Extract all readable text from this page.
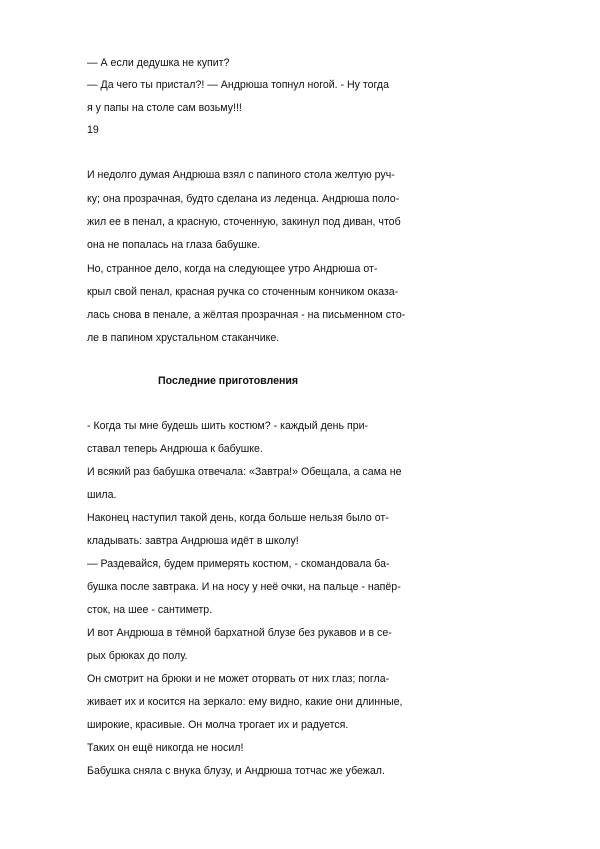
— А если дедушка не купит?
— Да чего ты пристал?! — Андрюша топнул ногой. - Ну тогда
я у папы на столе сам возьму!!!
19
И недолго думая Андрюша взял с папиного стола желтую руч-
ку; она прозрачная, будто сделана из леденца. Андрюша поло-
жил ее в пенал, а красную, сточенную, закинул под диван, чтоб
она не попалась на глаза бабушке.
Но, странное дело, когда на следующее утро Андрюша от-
крыл свой пенал, красная ручка со сточенным кончиком оказа-
лась снова в пенале, а жёлтая прозрачная - на письменном сто-
ле в папином хрустальном стаканчике.
Последние приготовления
- Когда ты мне будешь шить костюм? - каждый день при-
ставал теперь Андрюша к бабушке.
И всякий раз бабушка отвечала: «Завтра!» Обещала, а сама не
шила.
Наконец наступил такой день, когда больше нельзя было от-
кладывать: завтра Андрюша идёт в школу!
— Раздевайся, будем примерять костюм, - скомандовала ба-
бушка после завтрака. И на носу у неё очки, на пальце - напёр-
сток, на шее - сантиметр.
И вот Андрюша в тёмной бархатной блузе без рукавов и в се-
рых брюках до полу.
Он смотрит на брюки и не может оторвать от них глаз; погла-
живает их и косится на зеркало: ему видно, какие они длинные,
широкие, красивые. Он молча трогает их и радуется.
Таких он ещё никогда не носил!
Бабушка сняла с внука блузу, и Андрюша тотчас же убежал.
